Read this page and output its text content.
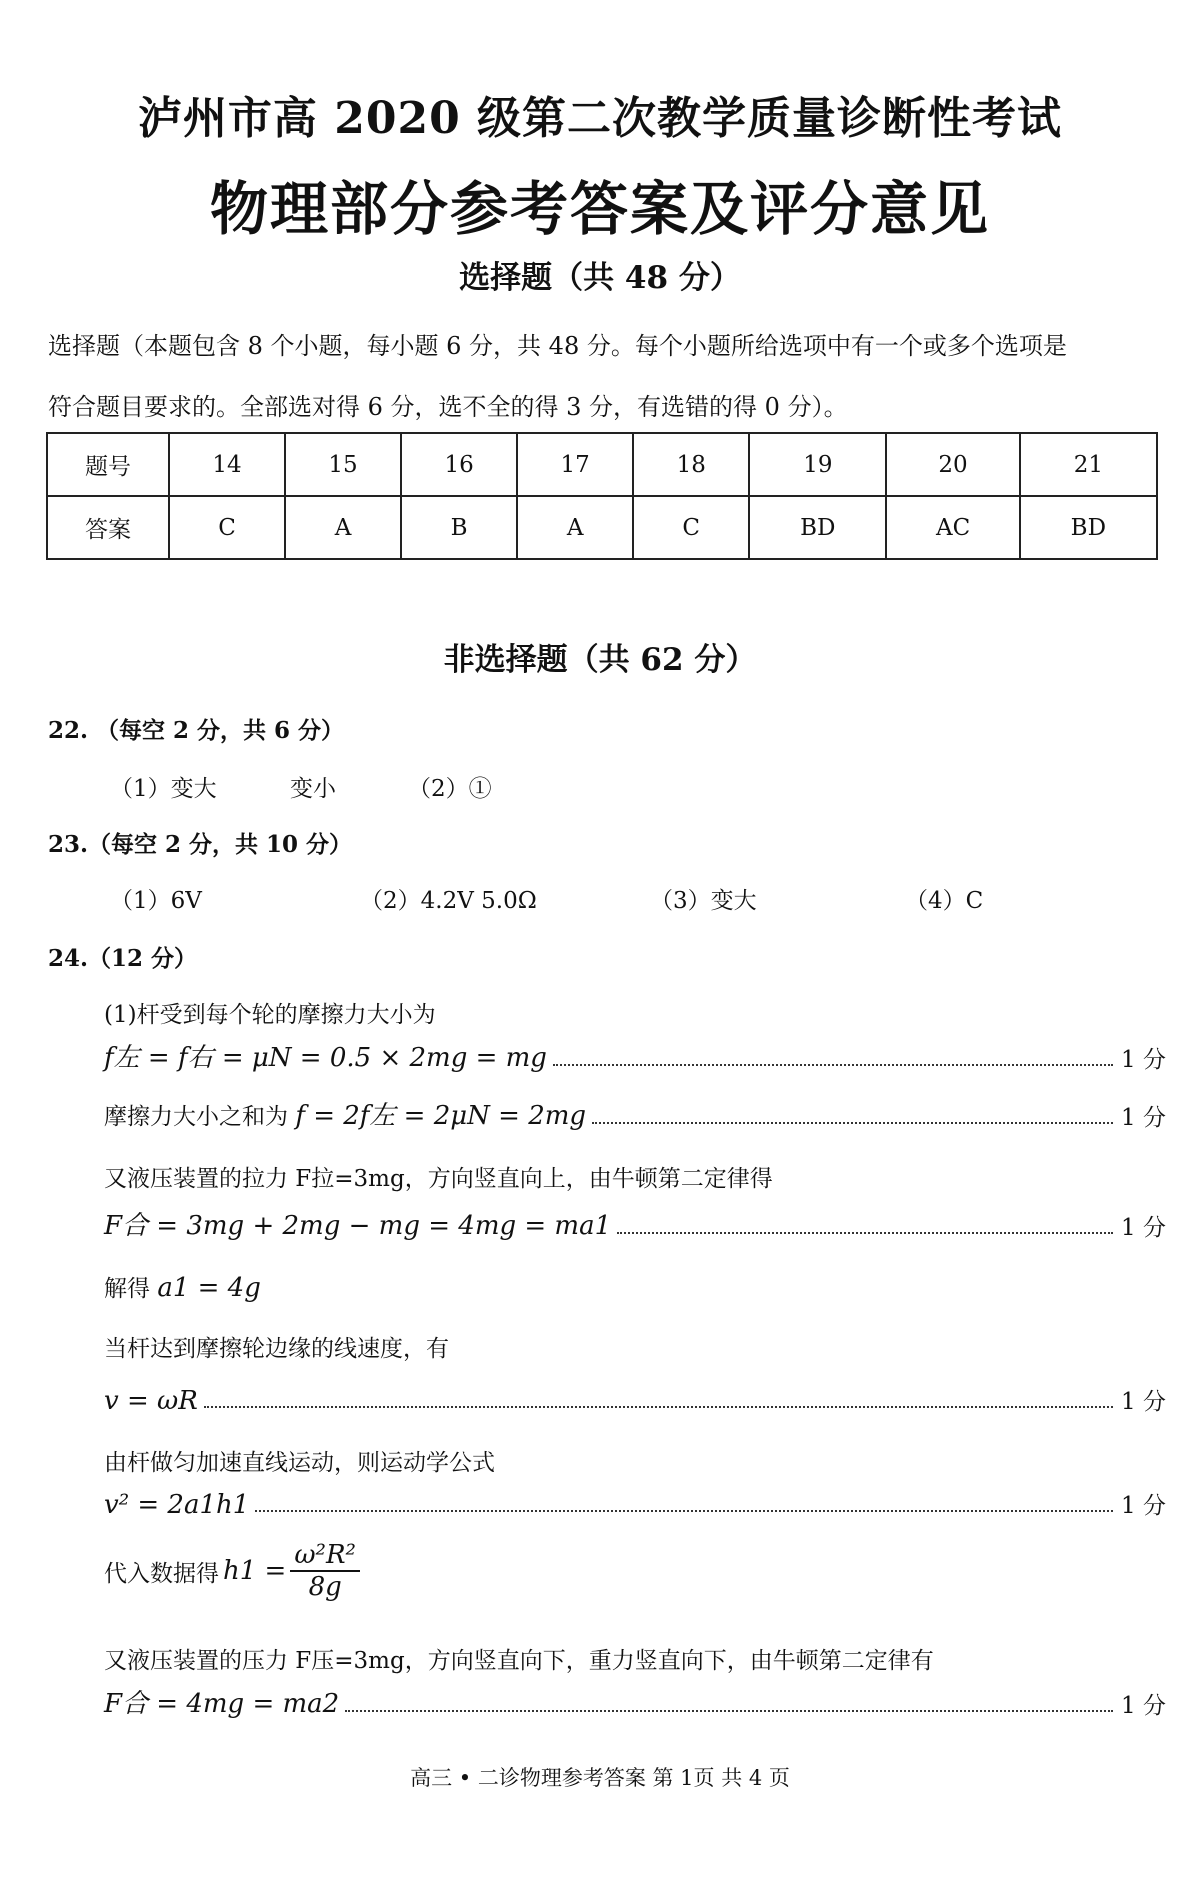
泸州市高 2020 级第二次教学质量诊断性考试
物理部分参考答案及评分意见
选择题（共 48 分）
选择题（本题包含 8 个小题，每小题 6 分，共 48 分。每个小题所给选项中有一个或多个选项是
符合题目要求的。全部选对得 6 分，选不全的得 3 分，有选错的得 0 分）。
题号	14	15	16	17	18	19	20	21
答案	C	A	B	A	C	BD	AC	BD
非选择题（共 62 分）
22. （每空 2 分，共 6 分）
（1）变大	变小	（2）①
23.（每空 2 分，共 10 分）
（1）6V	（2）4.2V 5.0Ω	（3）变大	（4）C
24.（12 分）
(1)杆受到每个轮的摩擦力大小为
f左 = f右 = μN = 0.5 × 2mg = mg	1 分
摩擦力大小之和为 f = 2f左 = 2μN = 2mg	1 分
又液压装置的拉力 F拉=3mg，方向竖直向上，由牛顿第二定律得
F合 = 3mg + 2mg − mg = 4mg = ma1	1 分
解得 a1 = 4g
当杆达到摩擦轮边缘的线速度，有
v = ωR	1 分
由杆做匀加速直线运动，则运动学公式
v² = 2a1h1	1 分
代入数据得 $h1 = \frac{\text{ω²R²}}{8g}$
又液压装置的压力 F压=3mg，方向竖直向下，重力竖直向下，由牛顿第二定律有
F合 = 4mg = ma2	1 分
高三 • 二诊物理参考答案 第 1页 共 4 页
